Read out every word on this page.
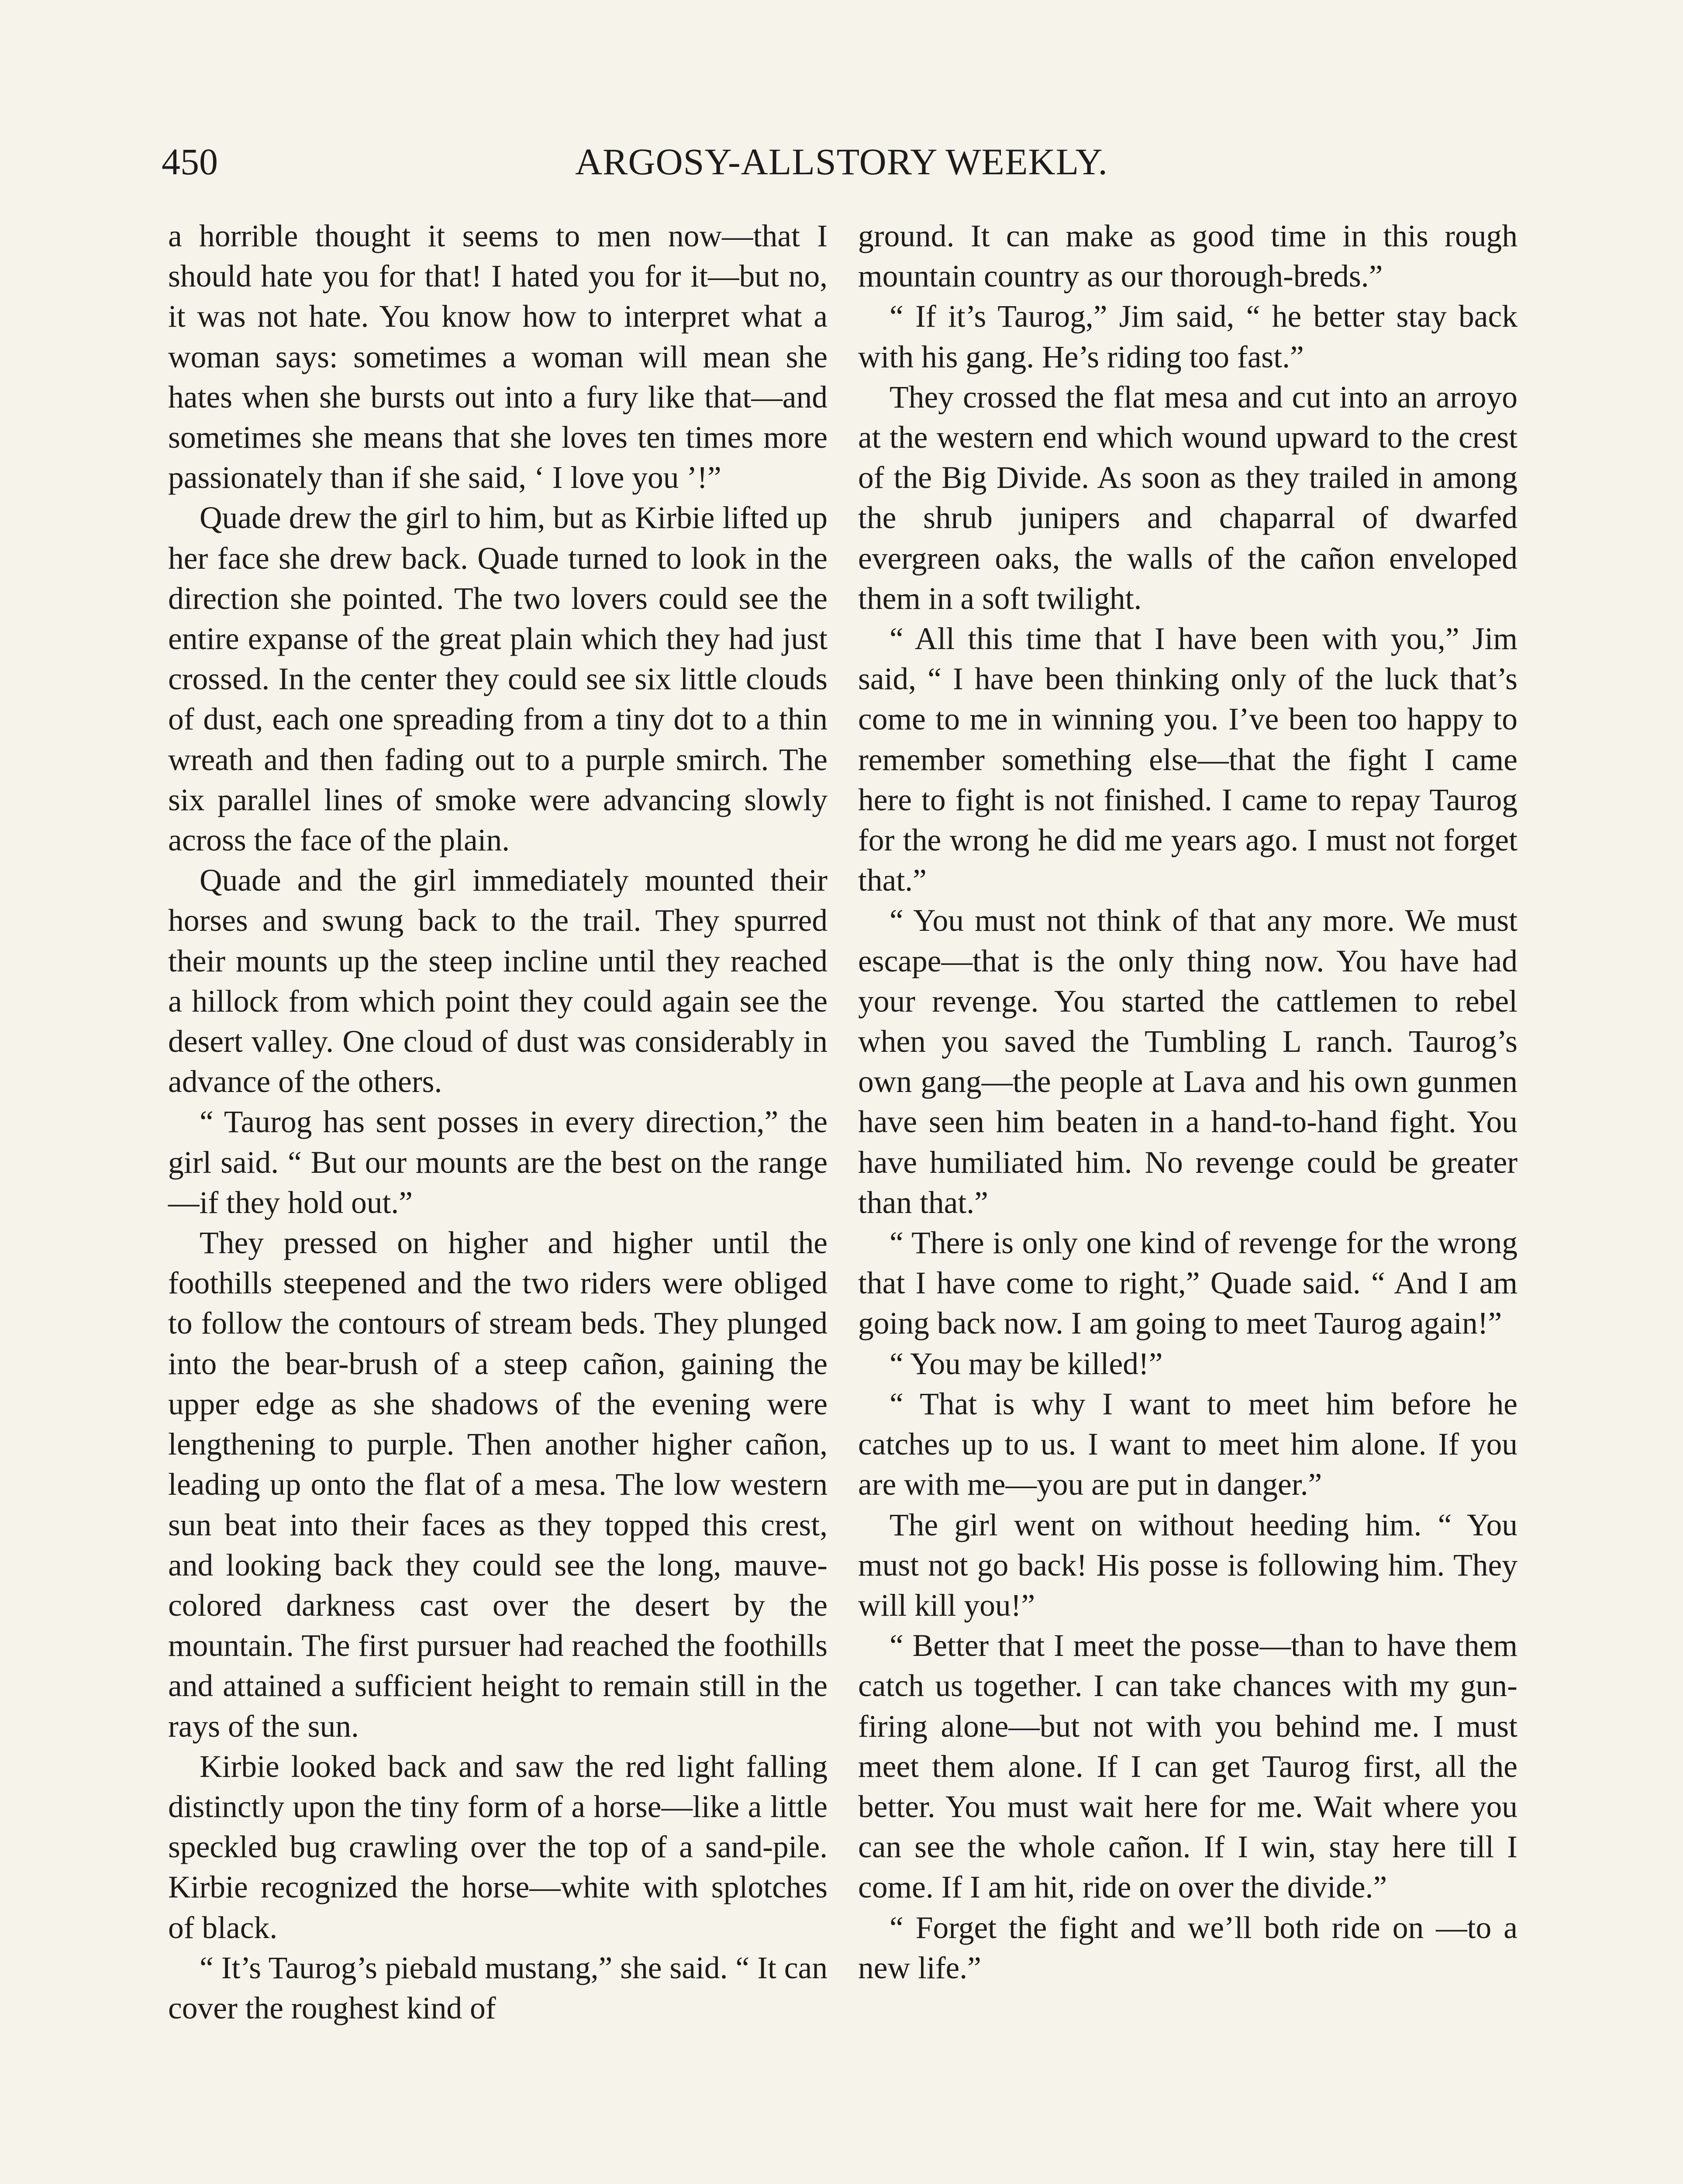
450	ARGOSY-ALLSTORY WEEKLY.

a horrible thought it seems to men now—that I should hate you for that! I hated you for it—but no, it was not hate. You know how to interpret what a woman says: sometimes a woman will mean she hates when she bursts out into a fury like that—and sometimes she means that she loves ten times more passionately than if she said, ‘ I love you ’!”

Quade drew the girl to him, but as Kirbie lifted up her face she drew back. Quade turned to look in the direction she pointed. The two lovers could see the entire expanse of the great plain which they had just crossed. In the center they could see six little clouds of dust, each one spreading from a tiny dot to a thin wreath and then fading out to a purple smirch. The six parallel lines of smoke were advancing slowly across the face of the plain.

Quade and the girl immediately mounted their horses and swung back to the trail. They spurred their mounts up the steep incline until they reached a hillock from which point they could again see the desert valley. One cloud of dust was considerably in advance of the others.

“ Taurog has sent posses in every direction,” the girl said. “ But our mounts are the best on the range—if they hold out.”

They pressed on higher and higher until the foothills steepened and the two riders were obliged to follow the contours of stream beds. They plunged into the bear-brush of a steep cañon, gaining the upper edge as she shadows of the evening were lengthening to purple. Then another higher cañon, leading up onto the flat of a mesa. The low western sun beat into their faces as they topped this crest, and looking back they could see the long, mauve-colored darkness cast over the desert by the mountain. The first pursuer had reached the foothills and attained a sufficient height to remain still in the rays of the sun.

Kirbie looked back and saw the red light falling distinctly upon the tiny form of a horse—like a little speckled bug crawling over the top of a sand-pile. Kirbie recognized the horse—white with splotches of black.

“ It’s Taurog’s piebald mustang,” she said. “ It can cover the roughest kind of

ground. It can make as good time in this rough mountain country as our thorough-breds.”

“ If it’s Taurog,” Jim said, “ he better stay back with his gang. He’s riding too fast.”

They crossed the flat mesa and cut into an arroyo at the western end which wound upward to the crest of the Big Divide. As soon as they trailed in among the shrub junipers and chaparral of dwarfed evergreen oaks, the walls of the cañon enveloped them in a soft twilight.

“ All this time that I have been with you,” Jim said, “ I have been thinking only of the luck that’s come to me in winning you. I’ve been too happy to remember something else—that the fight I came here to fight is not finished. I came to repay Taurog for the wrong he did me years ago. I must not forget that.”

“ You must not think of that any more. We must escape—that is the only thing now. You have had your revenge. You started the cattlemen to rebel when you saved the Tumbling L ranch. Taurog’s own gang—the people at Lava and his own gunmen have seen him beaten in a hand-to-hand fight. You have humiliated him. No revenge could be greater than that.”

“ There is only one kind of revenge for the wrong that I have come to right,” Quade said. “ And I am going back now. I am going to meet Taurog again!”

“ You may be killed!”

“ That is why I want to meet him before he catches up to us. I want to meet him alone. If you are with me—you are put in danger.”

The girl went on without heeding him. “ You must not go back! His posse is following him. They will kill you!”

“ Better that I meet the posse—than to have them catch us together. I can take chances with my gun-firing alone—but not with you behind me. I must meet them alone. If I can get Taurog first, all the better. You must wait here for me. Wait where you can see the whole cañon. If I win, stay here till I come. If I am hit, ride on over the divide.”

“ Forget the fight and we’ll both ride on —to a new life.”
